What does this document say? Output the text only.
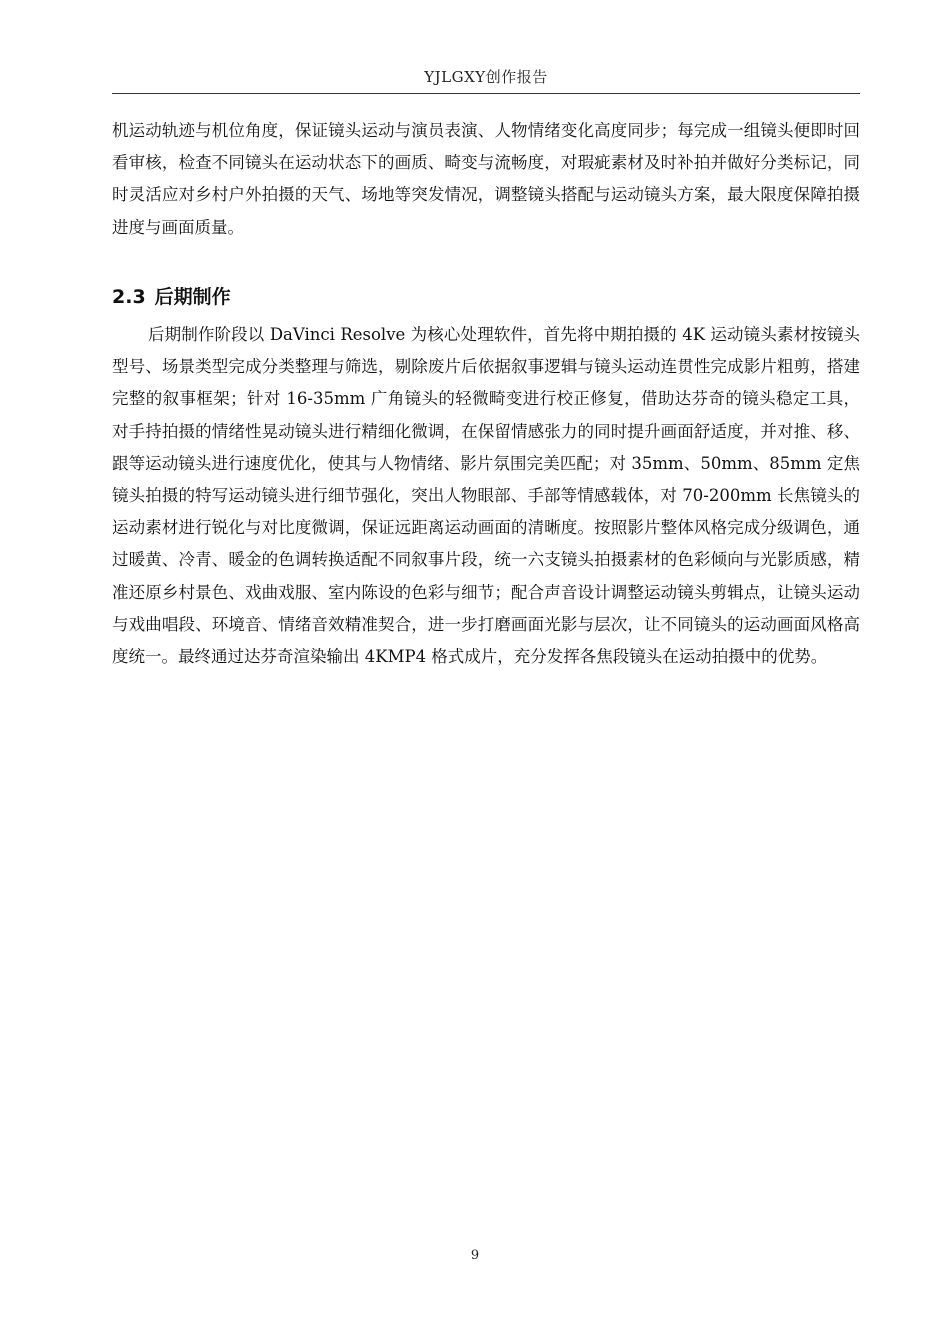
YJLGXY创作报告

机运动轨迹与机位角度，保证镜头运动与演员表演、人物情绪变化高度同步；每完成一组镜头便即时回看审核，检查不同镜头在运动状态下的画质、畸变与流畅度，对瑕疵素材及时补拍并做好分类标记，同时灵活应对乡村户外拍摄的天气、场地等突发情况，调整镜头搭配与运动镜头方案，最大限度保障拍摄进度与画面质量。

2.3 后期制作

后期制作阶段以 DaVinci Resolve 为核心处理软件，首先将中期拍摄的 4K 运动镜头素材按镜头型号、场景类型完成分类整理与筛选，剔除废片后依据叙事逻辑与镜头运动连贯性完成影片粗剪，搭建完整的叙事框架；针对 16-35mm 广角镜头的轻微畸变进行校正修复，借助达芬奇的镜头稳定工具，对手持拍摄的情绪性晃动镜头进行精细化微调，在保留情感张力的同时提升画面舒适度，并对推、移、跟等运动镜头进行速度优化，使其与人物情绪、影片氛围完美匹配；对 35mm、50mm、85mm 定焦镜头拍摄的特写运动镜头进行细节强化，突出人物眼部、手部等情感载体，对 70-200mm 长焦镜头的运动素材进行锐化与对比度微调，保证远距离运动画面的清晰度。按照影片整体风格完成分级调色，通过暖黄、冷青、暖金的色调转换适配不同叙事片段，统一六支镜头拍摄素材的色彩倾向与光影质感，精准还原乡村景色、戏曲戏服、室内陈设的色彩与细节；配合声音设计调整运动镜头剪辑点，让镜头运动与戏曲唱段、环境音、情绪音效精准契合，进一步打磨画面光影与层次，让不同镜头的运动画面风格高度统一。最终通过达芬奇渲染输出 4KMP4 格式成片，充分发挥各焦段镜头在运动拍摄中的优势。

9
